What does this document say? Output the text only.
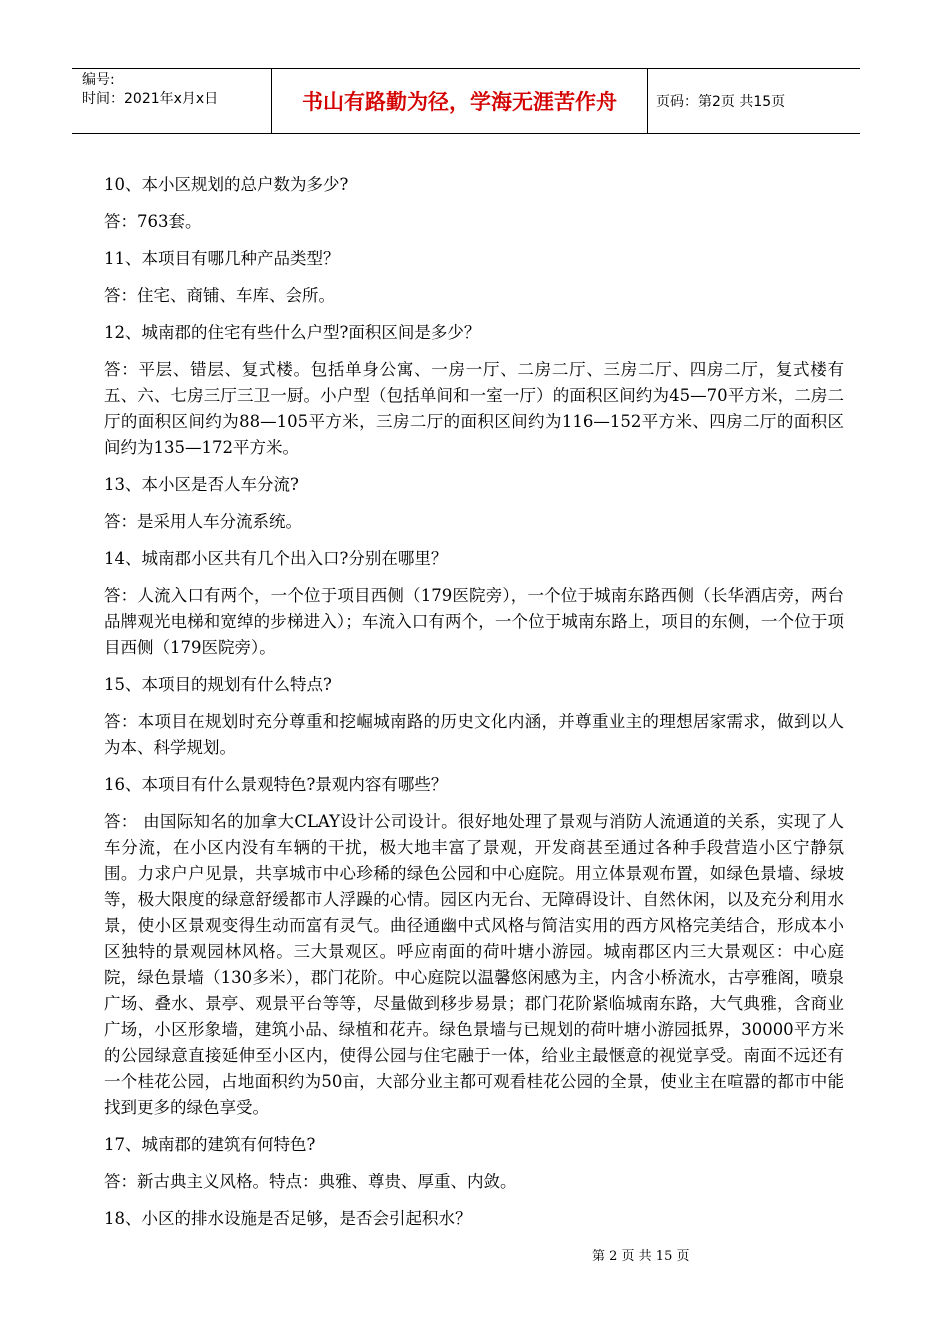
编号:
时间：2021年x月x日	书山有路勤为径，学海无涯苦作舟	页码：第2页 共15页

10、本小区规划的总户数为多少?

答：763套。

11、本项目有哪几种产品类型？

答：住宅、商铺、车库、会所。

12、城南郡的住宅有些什么户型?面积区间是多少？

答：平层、错层、复式楼。包括单身公寓、一房一厅、二房二厅、三房二厅、四房二厅，复式楼有五、六、七房三厅三卫一厨。小户型（包括单间和一室一厅）的面积区间约为45—70平方米，二房二厅的面积区间约为88—105平方米，三房二厅的面积区间约为116—152平方米、四房二厅的面积区间约为135—172平方米。

13、本小区是否人车分流?

答：是采用人车分流系统。

14、城南郡小区共有几个出入口?分别在哪里？

答：人流入口有两个，一个位于项目西侧（179医院旁），一个位于城南东路西侧（长华酒店旁，两台品牌观光电梯和宽绰的步梯进入）；车流入口有两个，一个位于城南东路上，项目的东侧，一个位于项目西侧（179医院旁）。

15、本项目的规划有什么特点?

答：本项目在规划时充分尊重和挖崛城南路的历史文化内涵，并尊重业主的理想居家需求，做到以人为本、科学规划。

16、本项目有什么景观特色?景观内容有哪些？

答： 由国际知名的加拿大CLAY设计公司设计。很好地处理了景观与消防人流通道的关系，实现了人车分流，在小区内没有车辆的干扰，极大地丰富了景观，开发商甚至通过各种手段营造小区宁静氛围。力求户户见景，共享城市中心珍稀的绿色公园和中心庭院。用立体景观布置，如绿色景墙、绿坡等，极大限度的绿意舒缓都市人浮躁的心情。园区内无台、无障碍设计、自然休闲，以及充分利用水景，使小区景观变得生动而富有灵气。曲径通幽中式风格与简洁实用的西方风格完美结合，形成本小区独特的景观园林风格。三大景观区。呼应南面的荷叶塘小游园。城南郡区内三大景观区：中心庭院，绿色景墙（130多米），郡门花阶。中心庭院以温馨悠闲感为主，内含小桥流水，古亭雅阁，喷泉广场、叠水、景亭、观景平台等等，尽量做到移步易景；郡门花阶紧临城南东路，大气典雅，含商业广场，小区形象墙，建筑小品、绿植和花卉。绿色景墙与已规划的荷叶塘小游园抵界，30000平方米的公园绿意直接延伸至小区内，使得公园与住宅融于一体，给业主最惬意的视觉享受。南面不远还有一个桂花公园，占地面积约为50亩，大部分业主都可观看桂花公园的全景，使业主在喧嚣的都市中能找到更多的绿色享受。

17、城南郡的建筑有何特色?

答：新古典主义风格。特点：典雅、尊贵、厚重、内敛。

18、小区的排水设施是否足够，是否会引起积水？

第 2 页 共 15 页
